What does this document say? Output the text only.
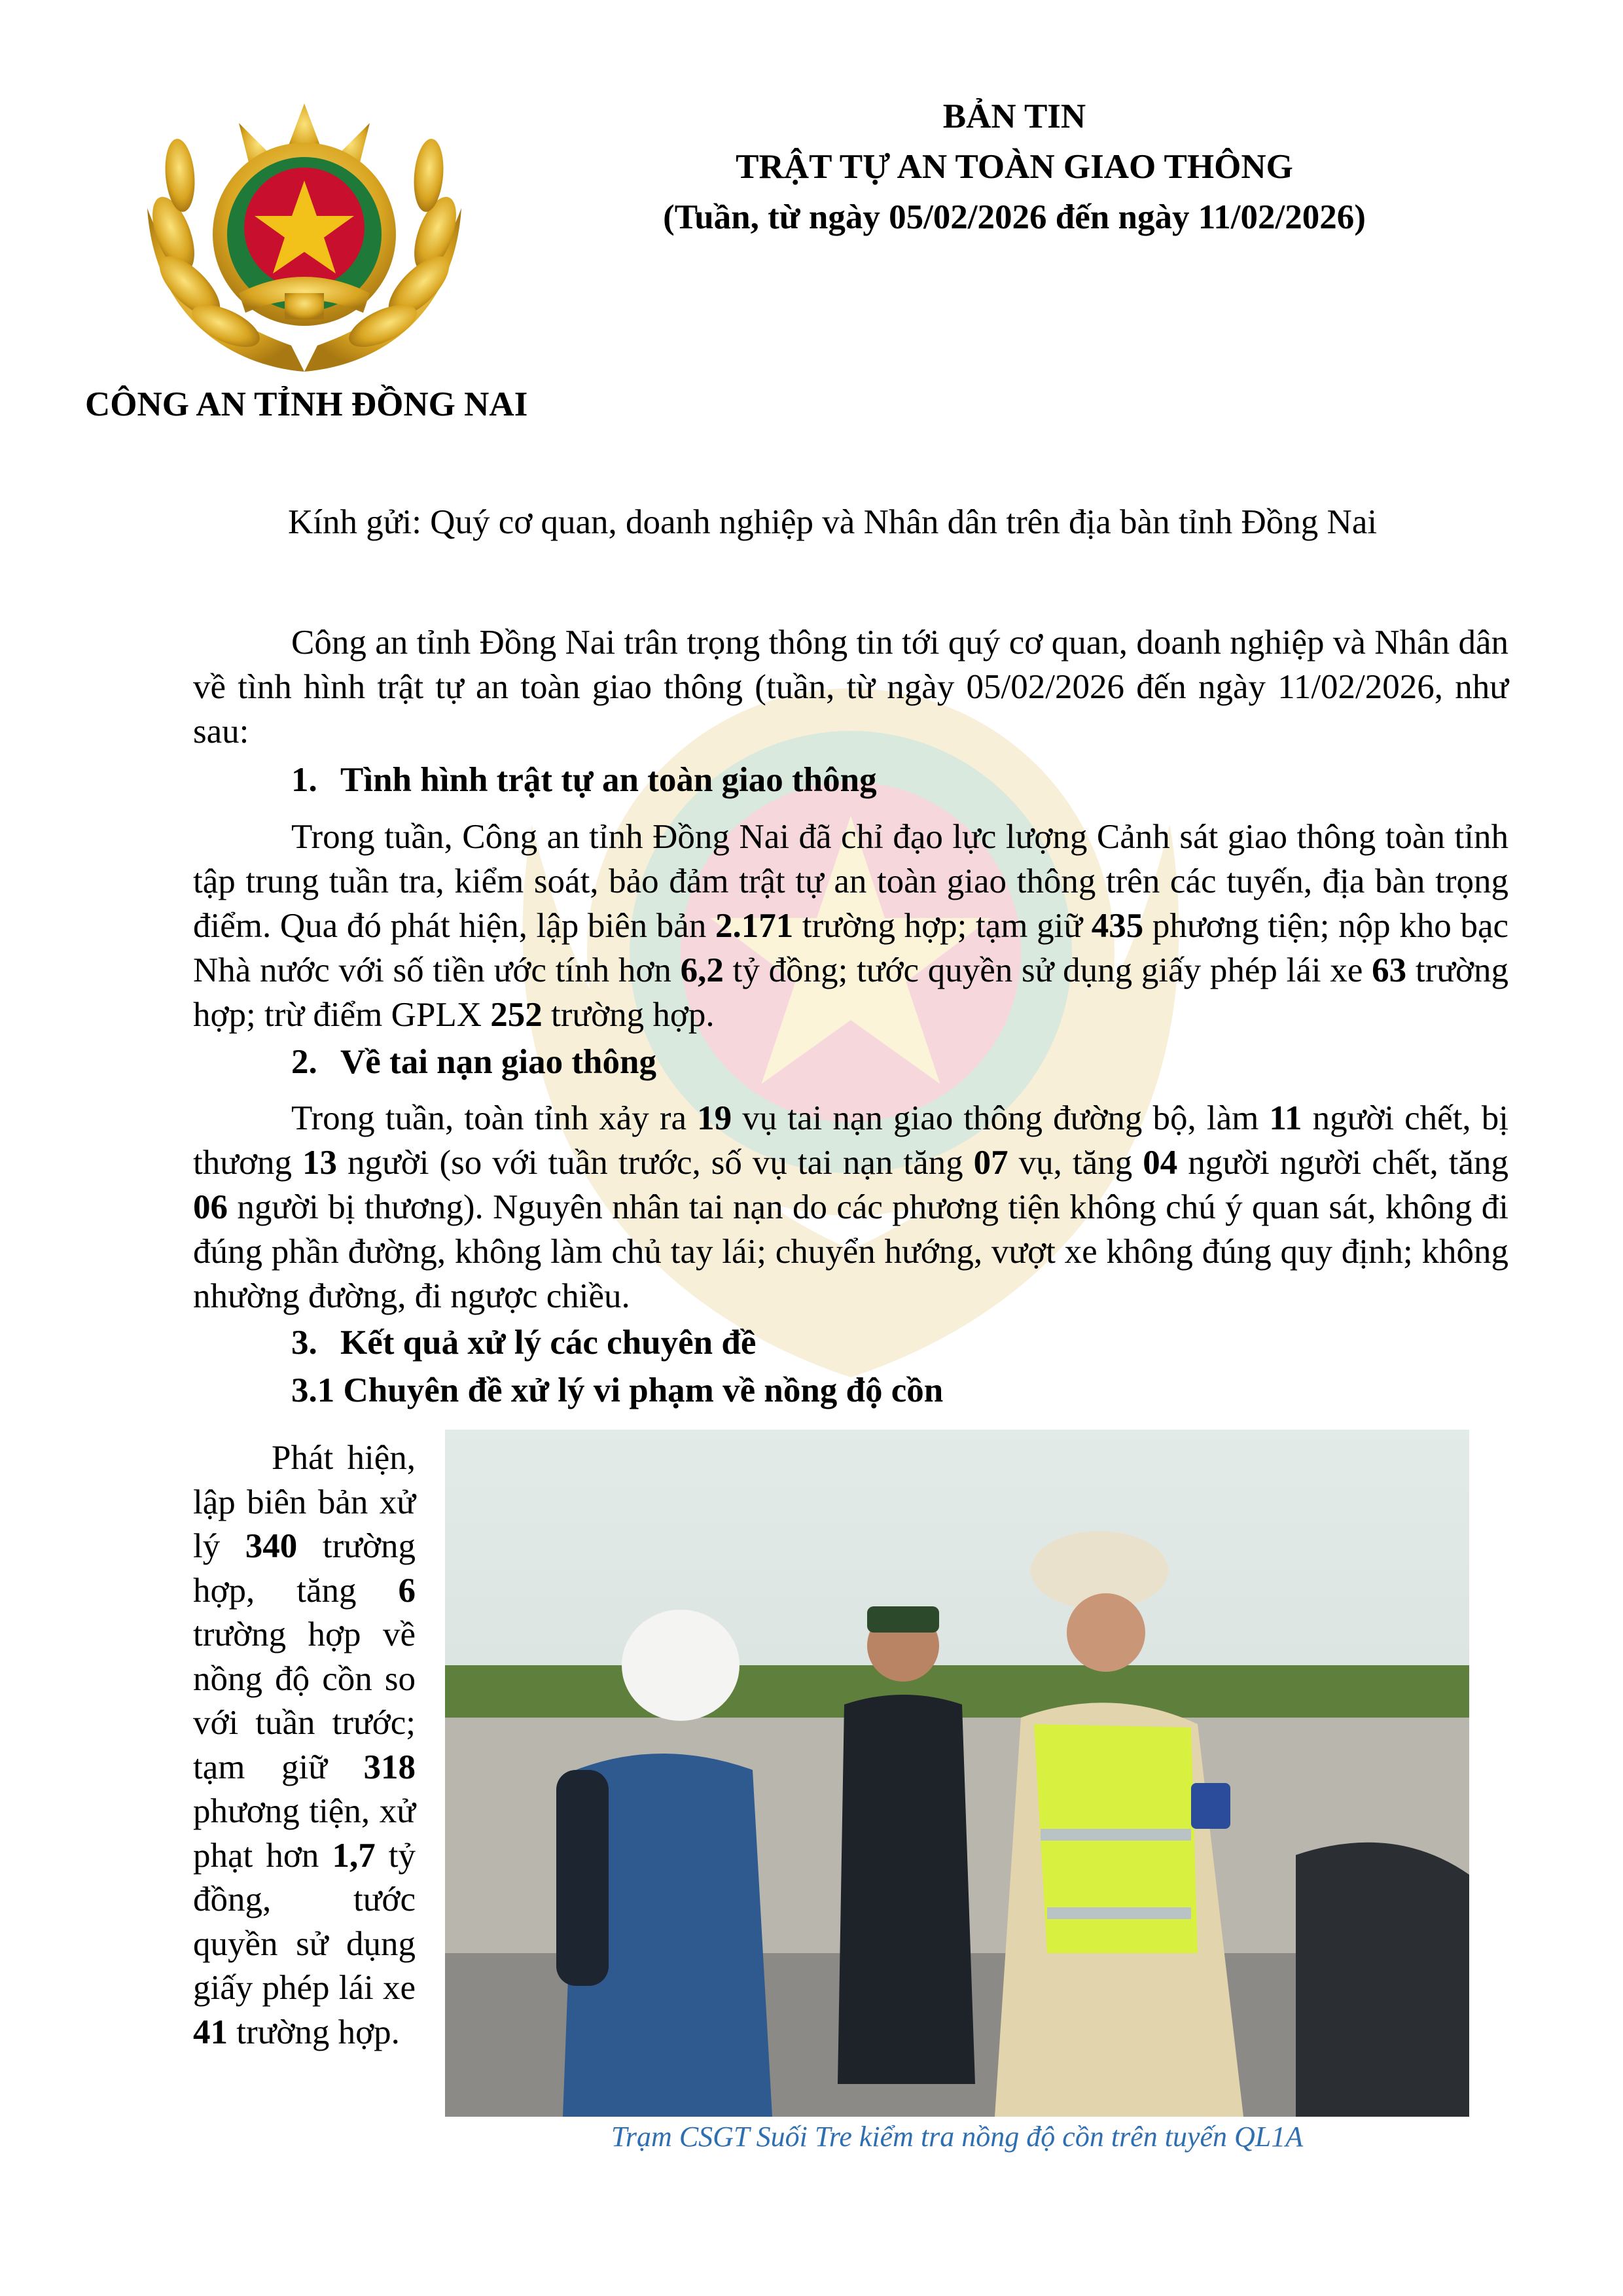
BẢN TIN
TRẬT TỰ AN TOÀN GIAO THÔNG
(Tuần, từ ngày 05/02/2026 đến ngày 11/02/2026)
CÔNG AN TỈNH ĐỒNG NAI
Kính gửi: Quý cơ quan, doanh nghiệp và Nhân dân trên địa bàn tỉnh Đồng Nai
Công an tỉnh Đồng Nai trân trọng thông tin tới quý cơ quan, doanh nghiệp và Nhân dân về tình hình trật tự an toàn giao thông (tuần, từ ngày 05/02/2026 đến ngày 11/02/2026, như sau:
1. Tình hình trật tự an toàn giao thông
Trong tuần, Công an tỉnh Đồng Nai đã chỉ đạo lực lượng Cảnh sát giao thông toàn tỉnh tập trung tuần tra, kiểm soát, bảo đảm trật tự an toàn giao thông trên các tuyến, địa bàn trọng điểm. Qua đó phát hiện, lập biên bản 2.171 trường hợp; tạm giữ 435 phương tiện; nộp kho bạc Nhà nước với số tiền ước tính hơn 6,2 tỷ đồng; tước quyền sử dụng giấy phép lái xe 63 trường hợp; trừ điểm GPLX 252 trường hợp.
2. Về tai nạn giao thông
Trong tuần, toàn tỉnh xảy ra 19 vụ tai nạn giao thông đường bộ, làm 11 người chết, bị thương 13 người (so với tuần trước, số vụ tai nạn tăng 07 vụ, tăng 04 người người chết, tăng 06 người bị thương). Nguyên nhân tai nạn do các phương tiện không chú ý quan sát, không đi đúng phần đường, không làm chủ tay lái; chuyển hướng, vượt xe không đúng quy định; không nhường đường, đi ngược chiều.
3. Kết quả xử lý các chuyên đề
3.1 Chuyên đề xử lý vi phạm về nồng độ cồn
Phát hiện, lập biên bản xử lý 340 trường hợp, tăng 6 trường hợp về nồng độ cồn so với tuần trước; tạm giữ 318 phương tiện, xử phạt hơn 1,7 tỷ đồng, tước quyền sử dụng giấy phép lái xe 41 trường hợp.
Trạm CSGT Suối Tre kiểm tra nồng độ cồn trên tuyến QL1A
